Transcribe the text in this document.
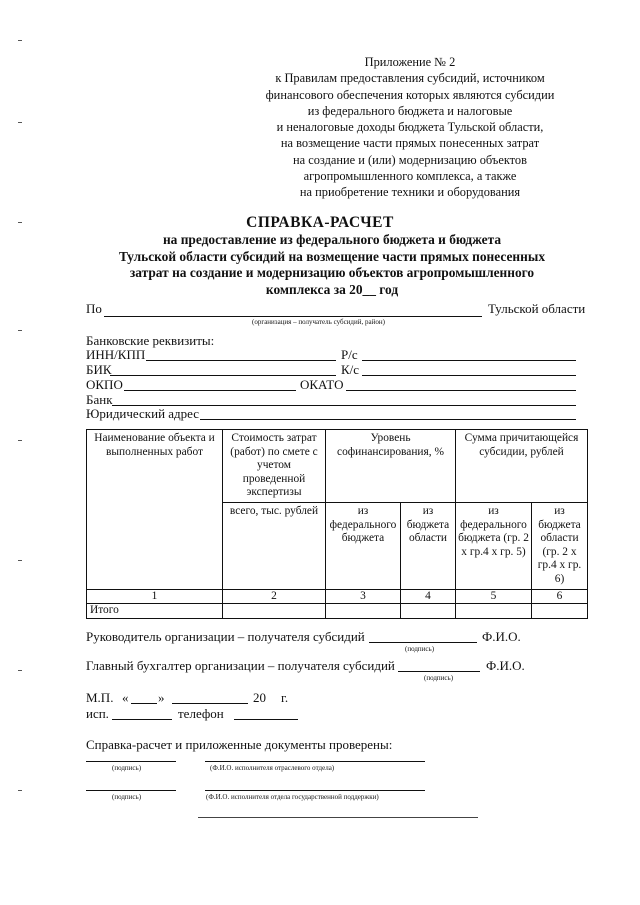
Приложение № 2
к Правилам предоставления субсидий, источником
финансового обеспечения которых являются субсидии
из федерального бюджета и налоговые
и неналоговые доходы бюджета Тульской области,
на возмещение части прямых понесенных затрат
на создание и (или) модернизацию объектов
агропромышленного комплекса, а также
на приобретение техники и оборудования
СПРАВКА-РАСЧЕТ
на предоставление из федерального бюджета и бюджета
Тульской области субсидий на возмещение части прямых понесенных
затрат на создание и модернизацию объектов агропромышленного
комплекса за 20__ год
По	Тульской области
(организация – получатель субсидий, район)
Банковские реквизиты:
ИНН/КПП	Р/с
БИК	К/с
ОКПО	ОКАТО
Банк
Юридический адрес
Наименование объекта и выполненных работ	Стоимость затрат (работ) по смете с учетом проведенной экспертизы	Уровень софинансирования, %		Сумма причитающейся субсидии, рублей	
	всего, тыс. рублей	из федерального бюджета	из бюджета области	из федерального бюджета (гр. 2 х гр.4 х гр. 5)	из бюджета области (гр. 2 х гр.4 х гр. 6)
1	2	3	4	5	6
Итого					
Руководитель организации – получателя субсидий	Ф.И.О.
(подпись)
Главный бухгалтер организации – получателя субсидий	Ф.И.О.
(подпись)
М.П. « »	20 г.
исп.	телефон
Справка-расчет и приложенные документы проверены:
(подпись)	(Ф.И.О. исполнителя отраслевого отдела)
(подпись)	(Ф.И.О. исполнителя отдела государственной поддержки)
